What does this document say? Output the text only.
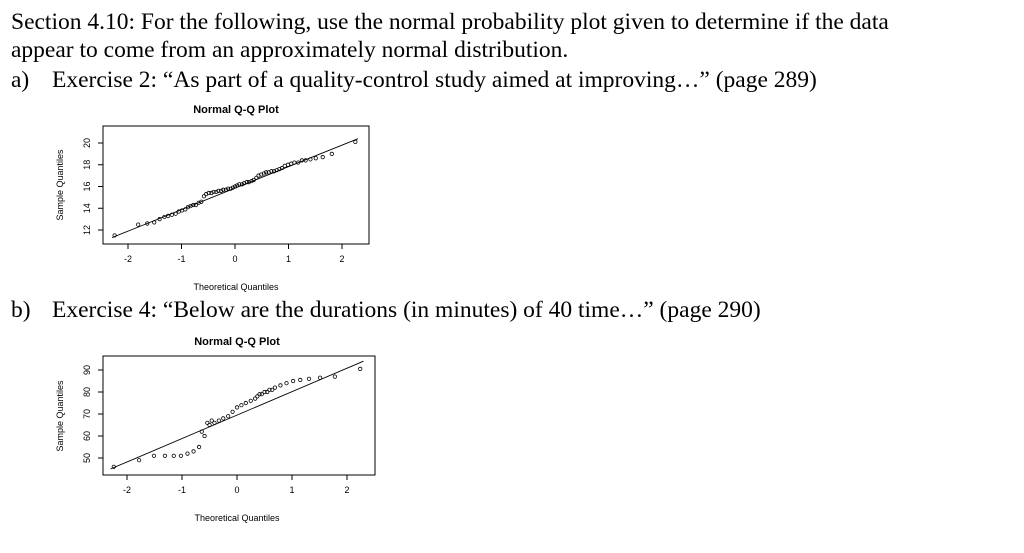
Section 4.10: For the following, use the normal probability plot given to determine if the data
appear to come from an approximately normal distribution.
a) Exercise 2: “As part of a quality-control study aimed at improving…” (page 289)
b) Exercise 4: “Below are the durations (in minutes) of 40 time…” (page 290)
Normal Q-Q Plot
Theoretical Quantiles
Sample Quantiles
-2	-1	0	1	2
12
14
16
18
20
Normal Q-Q Plot
Theoretical Quantiles
Sample Quantiles
-2	-1	0	1	2
50
60
70
80
90
